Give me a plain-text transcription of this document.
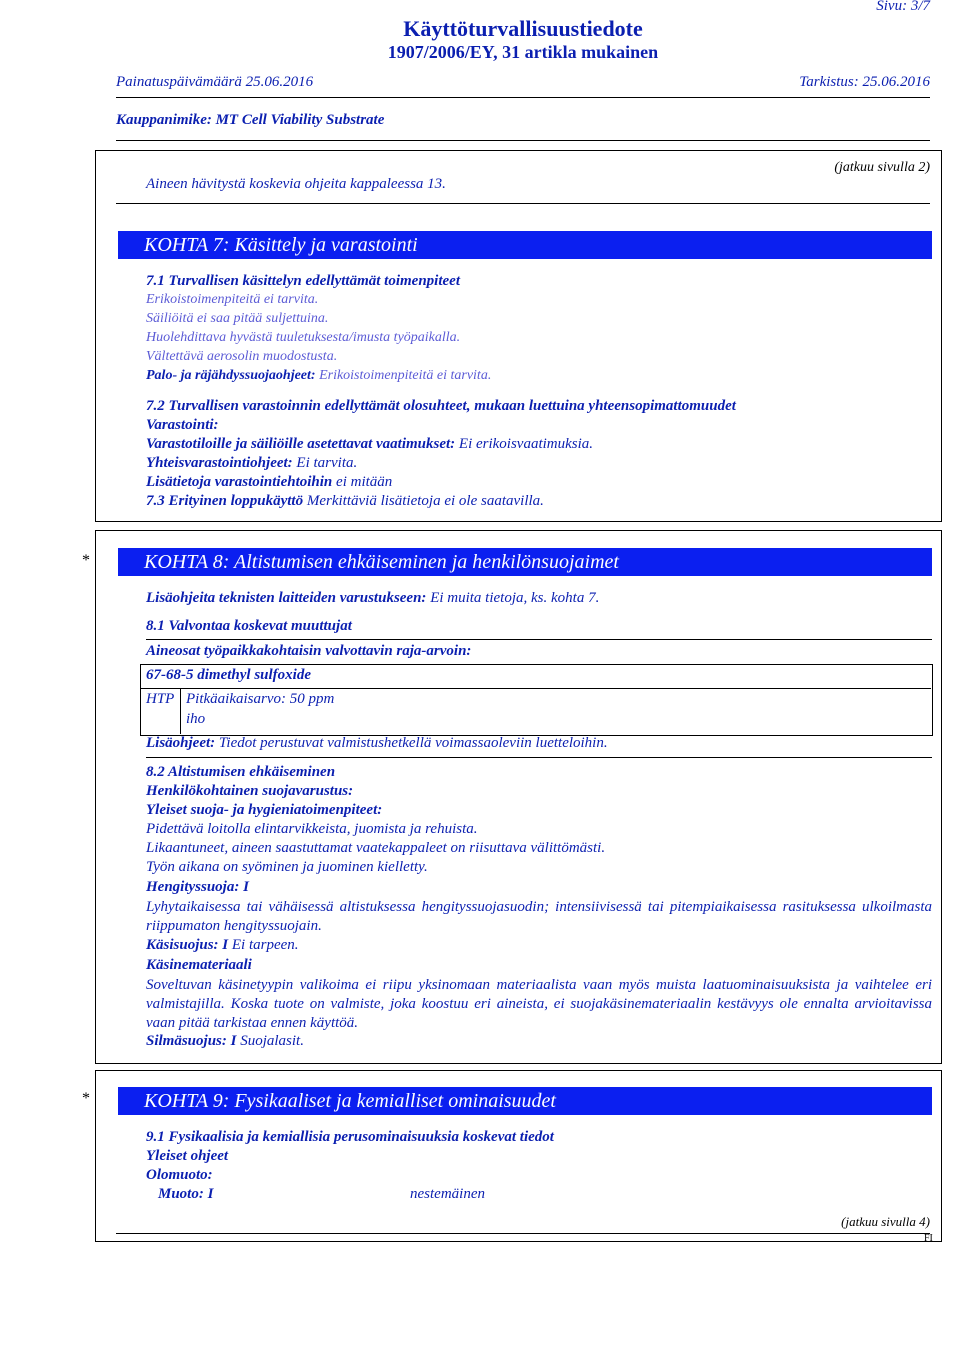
Sivu: 3/7
Käyttöturvallisuustiedote
1907/2006/EY, 31 artikla mukainen
Painatuspäivämäärä 25.06.2016	Tarkistus: 25.06.2016
Kauppanimike: MT Cell Viability Substrate
(jatkuu sivulla 2)
Aineen hävitystä koskevia ohjeita kappaleessa 13.
KOHTA 7: Käsittely ja varastointi
7.1 Turvallisen käsittelyn edellyttämät toimenpiteet
Erikoistoimenpiteitä ei tarvita.
Säiliöitä ei saa pitää suljettuina.
Huolehdittava hyvästä tuuletuksesta/imusta työpaikalla.
Vältettävä aerosolin muodostusta.
Palo- ja räjähdyssuojaohjeet: Erikoistoimenpiteitä ei tarvita.
7.2 Turvallisen varastoinnin edellyttämät olosuhteet, mukaan luettuina yhteensopimattomuudet
Varastointi:
Varastotiloille ja säiliöille asetettavat vaatimukset: Ei erikoisvaatimuksia.
Yhteisvarastointiohjeet: Ei tarvita.
Lisätietoja varastointiehtoihin ei mitään
7.3 Erityinen loppukäyttö Merkittäviä lisätietoja ei ole saatavilla.
*	KOHTA 8: Altistumisen ehkäiseminen ja henkilönsuojaimet
Lisäohjeita teknisten laitteiden varustukseen: Ei muita tietoja, ks. kohta 7.
8.1 Valvontaa koskevat muuttujat
Aineosat työpaikkakohtaisin valvottavin raja-arvoin:
67-68-5 dimethyl sulfoxide
HTP Pitkäaikaisarvo: 50 ppm
iho
Lisäohjeet: Tiedot perustuvat valmistushetkellä voimassaoleviin luetteloihin.
8.2 Altistumisen ehkäiseminen
Henkilökohtainen suojavarustus:
Yleiset suoja- ja hygieniatoimenpiteet:
Pidettävä loitolla elintarvikkeista, juomista ja rehuista.
Likaantuneet, aineen saastuttamat vaatekappaleet on riisuttava välittömästi.
Työn aikana on syöminen ja juominen kielletty.
Hengityssuoja: I
Lyhytaikaisessa tai vähäisessä altistuksessa hengityssuojasuodin; intensiivisessä tai pitempiaikaisessa rasituksessa ulkoilmasta riippumaton hengityssuojain.
Käsisuojus: I Ei tarpeen.
Käsinemateriaali
Soveltuvan käsinetyypin valikoima ei riipu yksinomaan materiaalista vaan myös muista laatuominaisuuksista ja vaihtelee eri valmistajilla. Koska tuote on valmiste, joka koostuu eri aineista, ei suojakäsinemateriaalin kestävyys ole ennalta arvioitavissa vaan pitää tarkistaa ennen käyttöä.
Silmäsuojus: I Suojalasit.
*	KOHTA 9: Fysikaaliset ja kemialliset ominaisuudet
9.1 Fysikaalisia ja kemiallisia perusominaisuuksia koskevat tiedot
Yleiset ohjeet
Olomuoto:
Muoto: I	nestemäinen
(jatkuu sivulla 4)
FI
